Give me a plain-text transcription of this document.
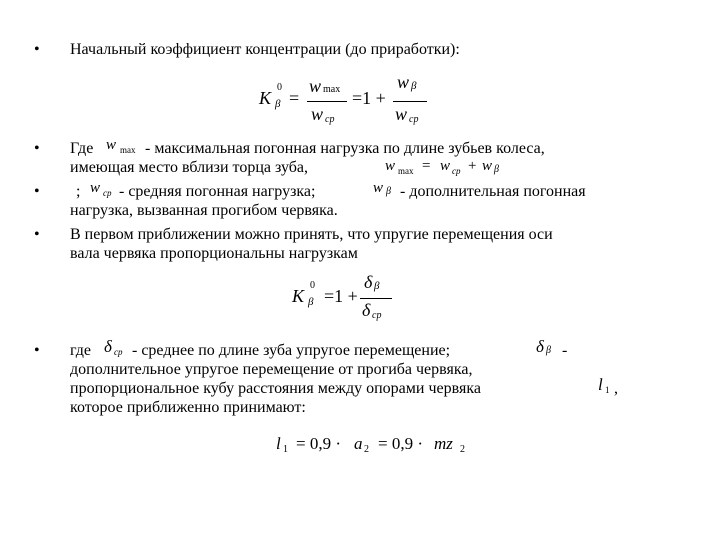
• Начальный коэффициент концентрации (до приработки):
K β
0
=
w max
w cp
=1 +
w β
w cp
• Где w max - максимальная погонная нагрузка по длине зубьев колеса,
имеющая место вблизи торца зуба,	w max = w cp + w β
• ; w cp - средняя погонная нагрузка;	w β - дополнительная погонная
нагрузка, вызванная прогибом червяка.
• В первом приближении можно принять, что упругие перемещения оси
вала червяка пропорциональны нагрузкам
K β
0
=1 +
δ β
δ cp
• где δ cp - среднее по длине зуба упругое перемещение;	δ β -
дополнительное упругое перемещение от прогиба червяка,
пропорциональное кубу расстояния между опорами червяка	l 1 ,
которое приближенно принимают:
l 1 = 0,9 · a 2 = 0,9 · mz 2
